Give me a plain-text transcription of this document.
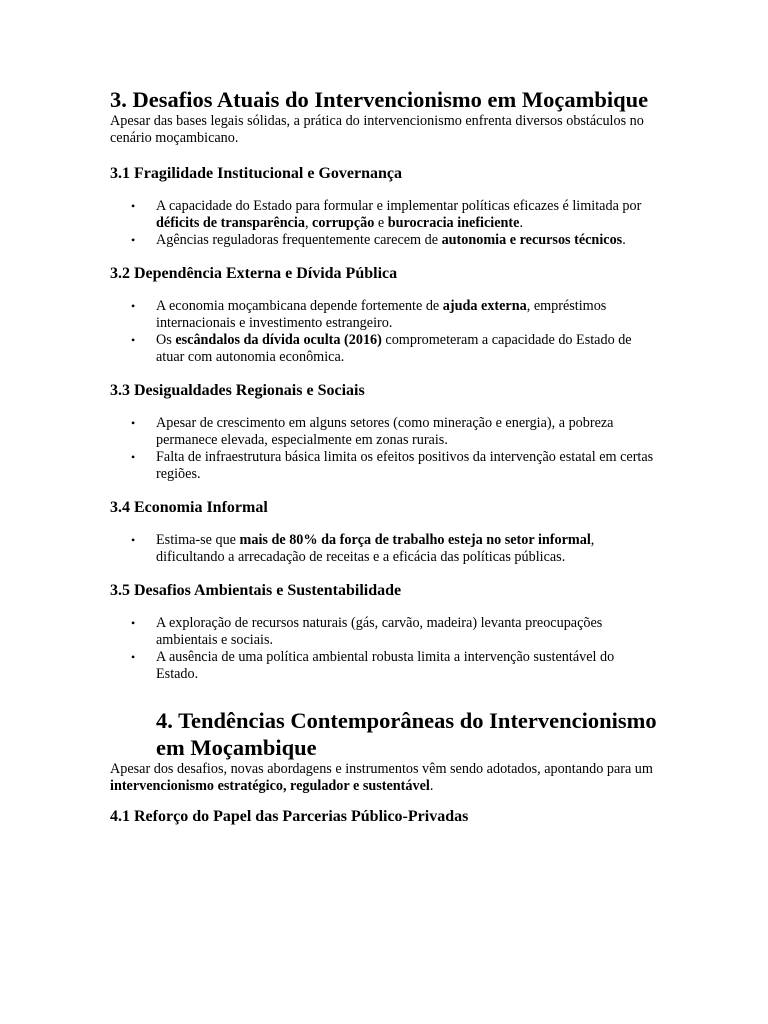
3. Desafios Atuais do Intervencionismo em Moçambique

Apesar das bases legais sólidas, a prática do intervencionismo enfrenta diversos obstáculos no cenário moçambicano.

3.1 Fragilidade Institucional e Governança
• A capacidade do Estado para formular e implementar políticas eficazes é limitada por déficits de transparência, corrupção e burocracia ineficiente.
• Agências reguladoras frequentemente carecem de autonomia e recursos técnicos.
3.2 Dependência Externa e Dívida Pública
• A economia moçambicana depende fortemente de ajuda externa, empréstimos internacionais e investimento estrangeiro.
• Os escândalos da dívida oculta (2016) comprometeram a capacidade do Estado de atuar com autonomia econômica.
3.3 Desigualdades Regionais e Sociais
• Apesar de crescimento em alguns setores (como mineração e energia), a pobreza permanece elevada, especialmente em zonas rurais.
• Falta de infraestrutura básica limita os efeitos positivos da intervenção estatal em certas regiões.
3.4 Economia Informal
• Estima-se que mais de 80% da força de trabalho esteja no setor informal, dificultando a arrecadação de receitas e a eficácia das políticas públicas.
3.5 Desafios Ambientais e Sustentabilidade
• A exploração de recursos naturais (gás, carvão, madeira) levanta preocupações ambientais e sociais.
• A ausência de uma política ambiental robusta limita a intervenção sustentável do Estado.
4. Tendências Contemporâneas do Intervencionismo em Moçambique

Apesar dos desafios, novas abordagens e instrumentos vêm sendo adotados, apontando para um intervencionismo estratégico, regulador e sustentável.

4.1 Reforço do Papel das Parcerias Público-Privadas
